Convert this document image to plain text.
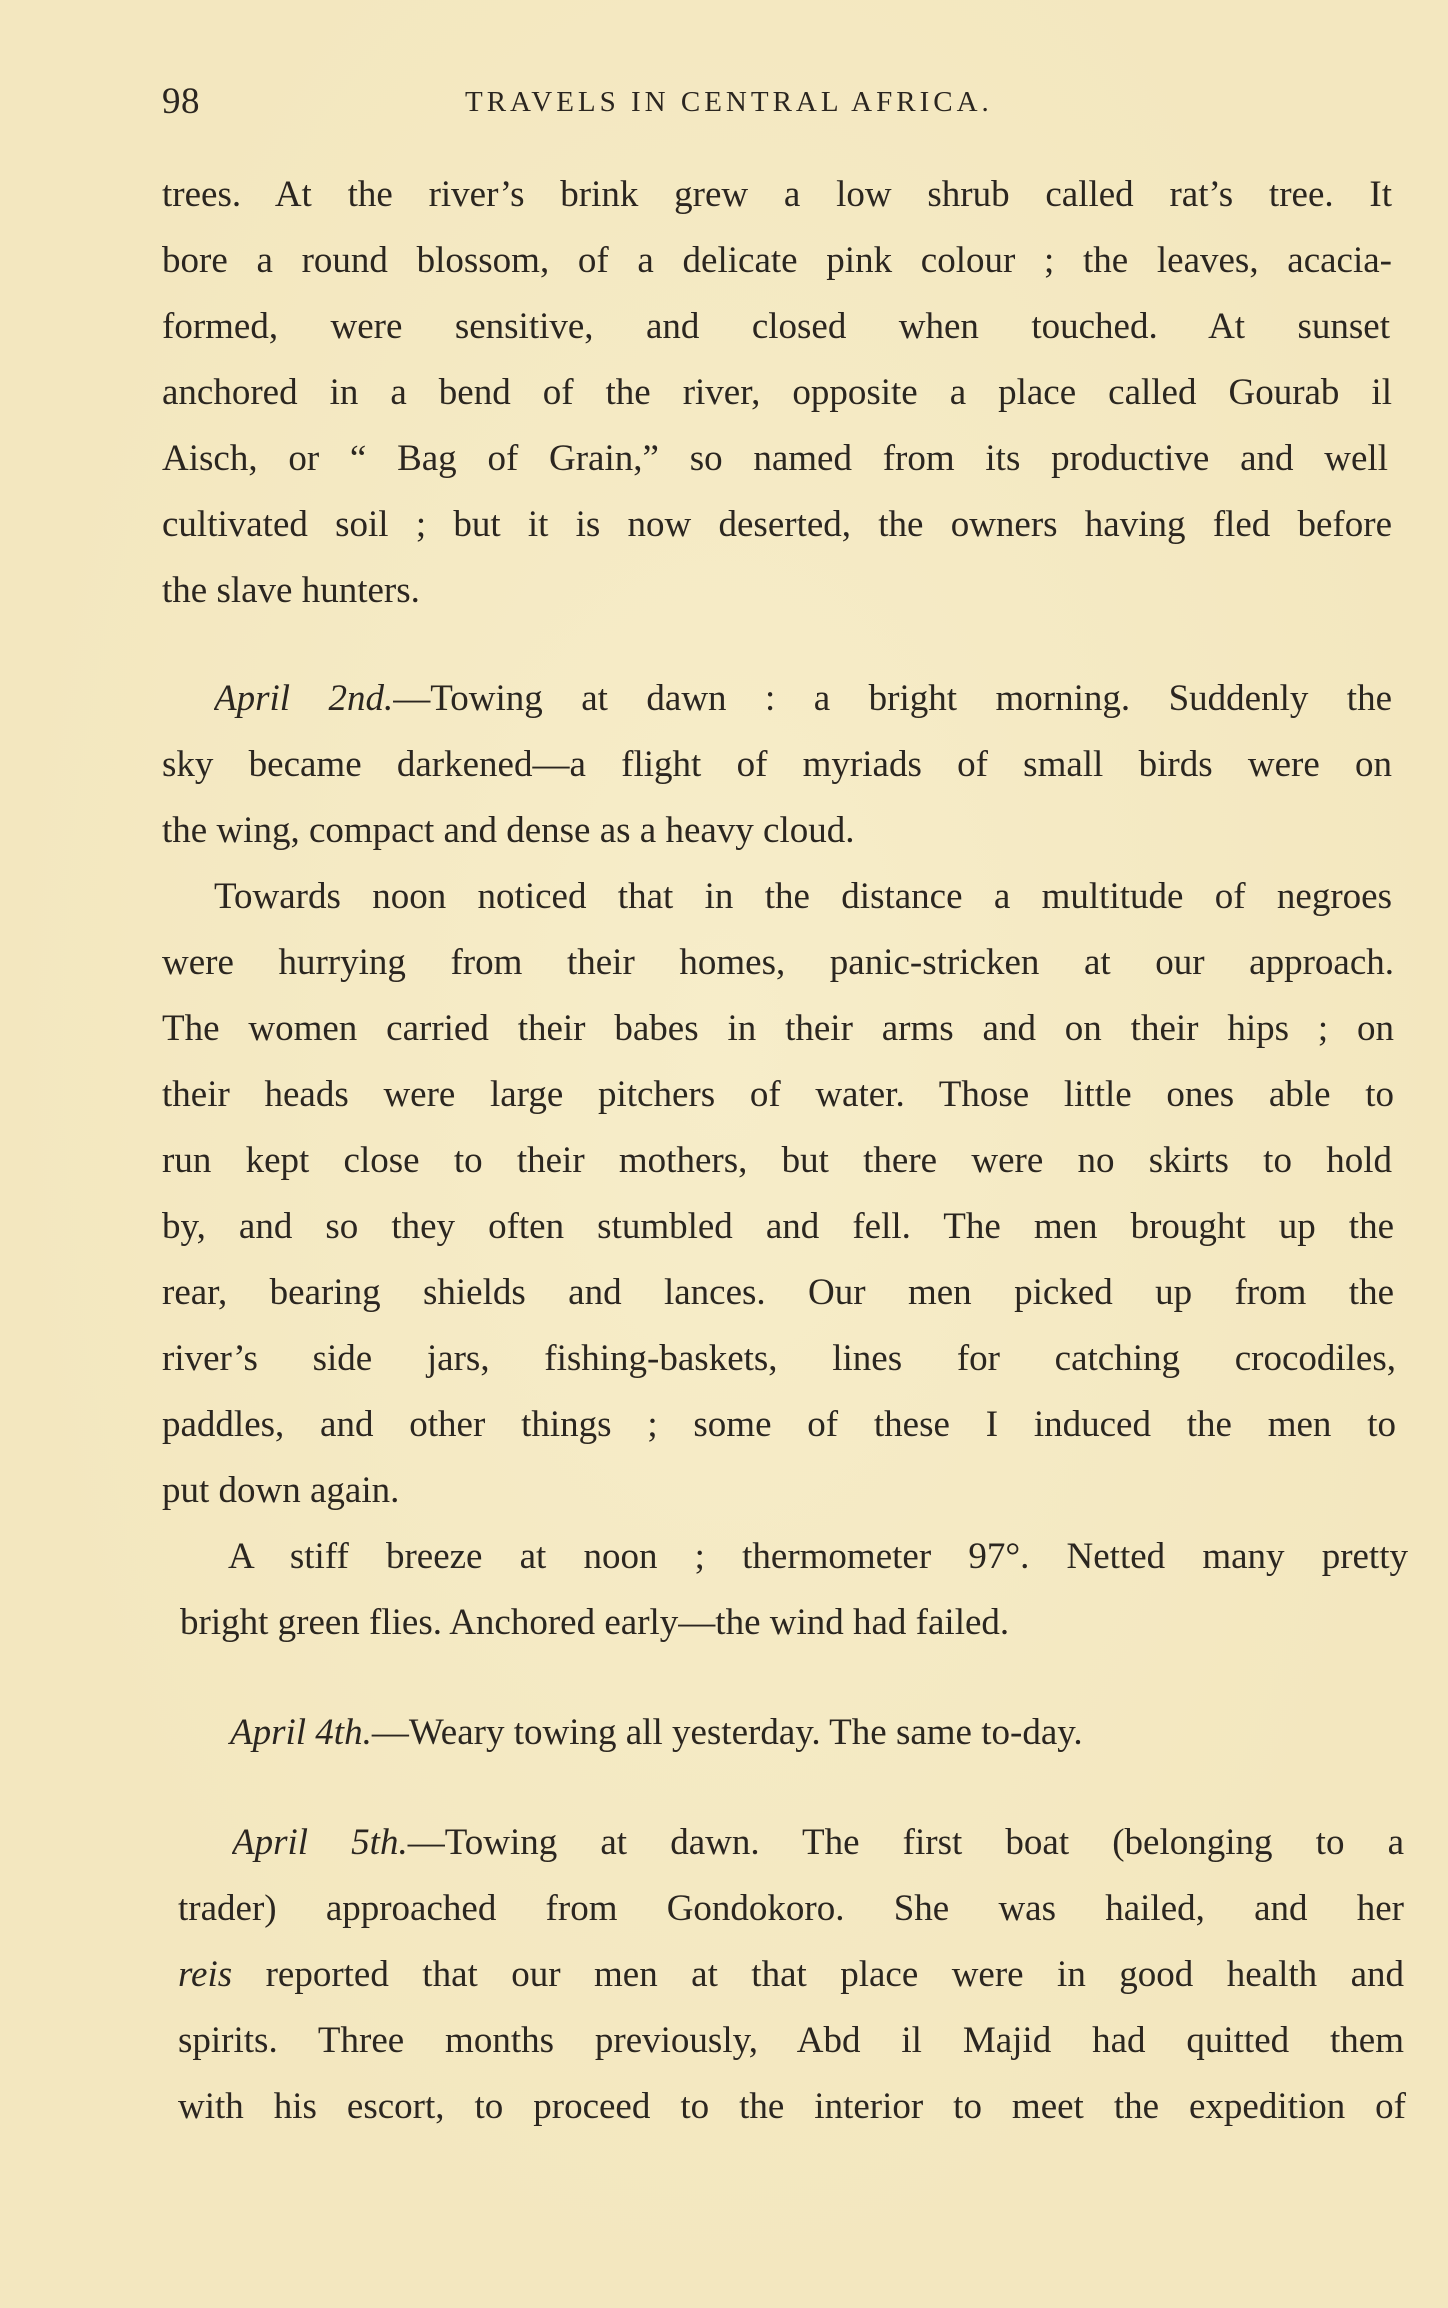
98	TRAVELS IN CENTRAL AFRICA.
trees. At the river’s brink grew a low shrub called rat’s tree. It
bore a round blossom, of a delicate pink colour ; the leaves, acacia-
formed, were sensitive, and closed when touched. At sunset
anchored in a bend of the river, opposite a place called Gourab il
Aisch, or “ Bag of Grain,” so named from its productive and well
cultivated soil ; but it is now deserted, the owners having fled before
the slave hunters.
April 2nd.—Towing at dawn : a bright morning. Suddenly the
sky became darkened—a flight of myriads of small birds were on
the wing, compact and dense as a heavy cloud.
Towards noon noticed that in the distance a multitude of negroes
were hurrying from their homes, panic-stricken at our approach.
The women carried their babes in their arms and on their hips ; on
their heads were large pitchers of water. Those little ones able to
run kept close to their mothers, but there were no skirts to hold
by, and so they often stumbled and fell. The men brought up the
rear, bearing shields and lances. Our men picked up from the
river’s side jars, fishing-baskets, lines for catching crocodiles,
paddles, and other things ; some of these I induced the men to
put down again.
A stiff breeze at noon ; thermometer 97°. Netted many pretty
bright green flies. Anchored early—the wind had failed.
April 4th.—Weary towing all yesterday. The same to-day.
April 5th.—Towing at dawn. The first boat (belonging to a
trader) approached from Gondokoro. She was hailed, and her
reis reported that our men at that place were in good health and
spirits. Three months previously, Abd il Majid had quitted them
with his escort, to proceed to the interior to meet the expedition of
